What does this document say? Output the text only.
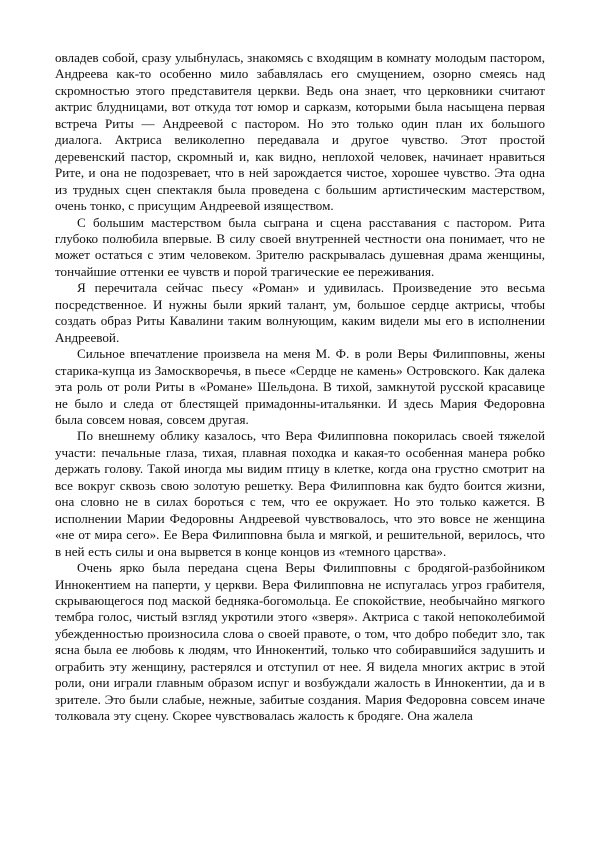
овладев собой, сразу улыбнулась, знакомясь с входящим в комнату молодым пастором, Андреева как-то особенно мило забавлялась его смущением, озорно смеясь над скромностью этого представителя церкви. Ведь она знает, что церковники считают актрис блудницами, вот откуда тот юмор и сарказм, которыми была насыщена первая встреча Риты — Андреевой с пастором. Но это только один план их большого диалога. Актриса великолепно передавала и другое чувство. Этот простой деревенский пастор, скромный и, как видно, неплохой человек, начинает нравиться Рите, и она не подозревает, что в ней зарождается чистое, хорошее чувство. Эта одна из трудных сцен спектакля была проведена с большим артистическим мастерством, очень тонко, с присущим Андреевой изяществом.

С большим мастерством была сыграна и сцена расставания с пастором. Рита глубоко полюбила впервые. В силу своей внутренней честности она понимает, что не может остаться с этим человеком. Зрителю раскрывалась душевная драма женщины, тончайшие оттенки ее чувств и порой трагические ее переживания.

Я перечитала сейчас пьесу «Роман» и удивилась. Произведение это весьма посредственное. И нужны были яркий талант, ум, большое сердце актрисы, чтобы создать образ Риты Кавалини таким волнующим, каким видели мы его в исполнении Андреевой.

Сильное впечатление произвела на меня М. Ф. в роли Веры Филипповны, жены старика-купца из Замоскворечья, в пьесе «Сердце не камень» Островского. Как далека эта роль от роли Риты в «Романе» Шельдона. В тихой, замкнутой русской красавице не было и следа от блестящей примадонны-итальянки. И здесь Мария Федоровна была совсем новая, совсем другая.

По внешнему облику казалось, что Вера Филипповна покорилась своей тяжелой участи: печальные глаза, тихая, плавная походка и какая-то особенная манера робко держать голову. Такой иногда мы видим птицу в клетке, когда она грустно смотрит на все вокруг сквозь свою золотую решетку. Вера Филипповна как будто боится жизни, она словно не в силах бороться с тем, что ее окружает. Но это только кажется. В исполнении Марии Федоровны Андреевой чувствовалось, что это вовсе не женщина «не от мира сего». Ее Вера Филипповна была и мягкой, и решительной, верилось, что в ней есть силы и она вырвется в конце концов из «темного царства».

Очень ярко была передана сцена Веры Филипповны с бродягой-разбойником Иннокентием на паперти, у церкви. Вера Филипповна не испугалась угроз грабителя, скрывающегося под маской бедняка-богомольца. Ее спокойствие, необычайно мягкого тембра голос, чистый взгляд укротили этого «зверя». Актриса с такой непоколебимой убежденностью произносила слова о своей правоте, о том, что добро победит зло, так ясна была ее любовь к людям, что Иннокентий, только что собиравшийся задушить и ограбить эту женщину, растерялся и отступил от нее. Я видела многих актрис в этой роли, они играли главным образом испуг и возбуждали жалость в Иннокентии, да и в зрителе. Это были слабые, нежные, забитые создания. Мария Федоровна совсем иначе толковала эту сцену. Скорее чувствовалась жалость к бродяге. Она жалела
